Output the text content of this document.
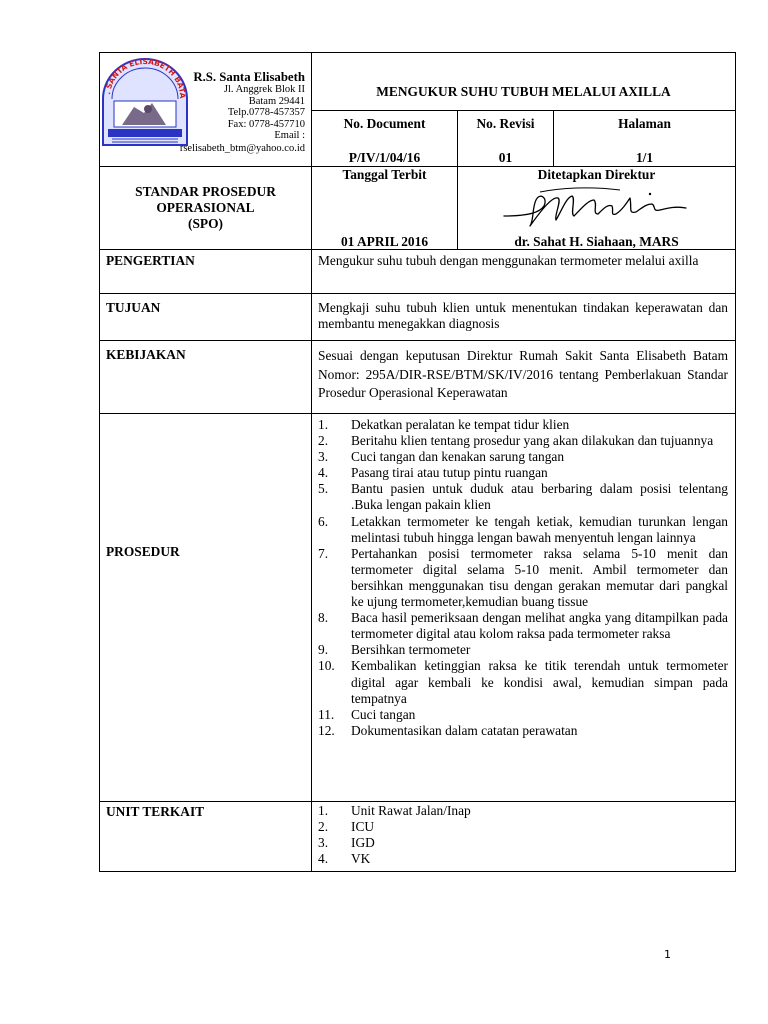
. SANTA ELISABETH BATA
R.S. Santa Elisabeth
Jl. Anggrek Blok II
Batam 29441
Telp.0778-457357
Fax: 0778-457710
Email :
rselisabeth_btm@yahoo.co.id
MENGUKUR SUHU TUBUH MELALUI AXILLA
No. Document
P/IV/1/04/16
No. Revisi
01
Halaman
1/1
STANDAR PROSEDUR
OPERASIONAL
(SPO)
Tanggal Terbit
01 APRIL 2016
Ditetapkan Direktur
dr. Sahat H. Siahaan, MARS
PENGERTIAN	Mengukur suhu tubuh dengan menggunakan termometer melalui axilla
TUJUAN	Mengkaji suhu tubuh klien untuk menentukan tindakan keperawatan dan membantu menegakkan diagnosis
KEBIJAKAN	Sesuai dengan keputusan Direktur Rumah Sakit Santa Elisabeth Batam Nomor: 295A/DIR-RSE/BTM/SK/IV/2016 tentang Pemberlakuan Standar Prosedur Operasional Keperawatan
PROSEDUR
1. Dekatkan peralatan ke tempat tidur klien
2. Beritahu klien tentang prosedur yang akan dilakukan dan tujuannya
3. Cuci tangan dan kenakan sarung tangan
4. Pasang tirai atau tutup pintu ruangan
5. Bantu pasien untuk duduk atau berbaring dalam posisi telentang .Buka lengan pakain klien
6. Letakkan termometer ke tengah ketiak, kemudian turunkan lengan melintasi tubuh hingga lengan bawah menyentuh lengan lainnya
7. Pertahankan posisi termometer raksa selama 5-10 menit dan termometer digital selama 5-10 menit. Ambil termometer dan bersihkan menggunakan tisu dengan gerakan memutar dari pangkal ke ujung termometer,kemudian buang tissue
8. Baca hasil pemeriksaan dengan melihat angka yang ditampilkan pada termometer digital atau kolom raksa pada termometer raksa
9. Bersihkan termometer
10. Kembalikan ketinggian raksa ke titik terendah untuk termometer digital agar kembali ke kondisi awal, kemudian simpan pada tempatnya
11. Cuci tangan
12. Dokumentasikan dalam catatan perawatan
UNIT TERKAIT	1. Unit Rawat Jalan/Inap
2. ICU
3. IGD
4. VK
1
